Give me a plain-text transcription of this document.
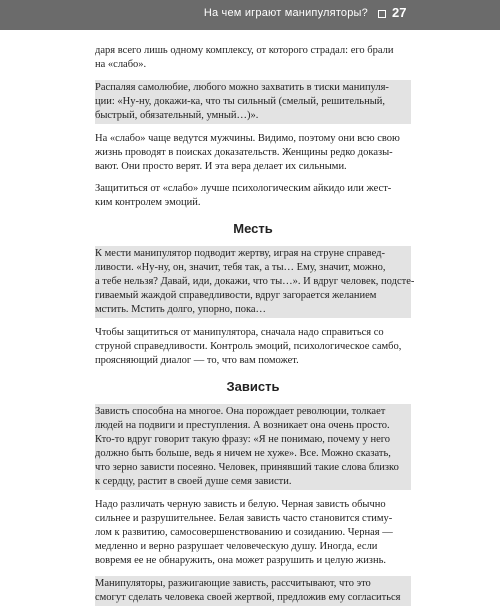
На чем играют манипуляторы? 27
даря всего лишь одному комплексу, от которого страдал: его брали
на «слабо».
Распаляя самолюбие, любого можно захватить в тиски манипуля-
ции: «Ну-ну, докажи-ка, что ты сильный (смелый, решительный,
быстрый, обязательный, умный…)».
На «слабо» чаще ведутся мужчины. Видимо, поэтому они всю свою
жизнь проводят в поисках доказательств. Женщины редко доказы-
вают. Они просто верят. И эта вера делает их сильными.
Защититься от «слабо» лучше психологическим айкидо или жест-
ким контролем эмоций.
Месть
К мести манипулятор подводит жертву, играя на струне справед-
ливости. «Ну-ну, он, значит, тебя так, а ты… Ему, значит, можно,
а тебе нельзя? Давай, иди, докажи, что ты…». И вдруг человек, подсте-
гиваемый жаждой справедливости, вдруг загорается желанием
мстить. Мстить долго, упорно, пока…
Чтобы защититься от манипулятора, сначала надо справиться со
струной справедливости. Контроль эмоций, психологическое самбо,
проясняющий диалог — то, что вам поможет.
Зависть
Зависть способна на многое. Она порождает революции, толкает
людей на подвиги и преступления. А возникает она очень просто.
Кто-то вдруг говорит такую фразу: «Я не понимаю, почему у него
должно быть больше, ведь я ничем не хуже». Все. Можно сказать,
что зерно зависти посеяно. Человек, принявший такие слова близко
к сердцу, растит в своей душе семя зависти.
Надо различать черную зависть и белую. Черная зависть обычно
сильнее и разрушительнее. Белая зависть часто становится стиму-
лом к развитию, самосовершенствованию и созиданию. Черная —
медленно и верно разрушает человеческую душу. Иногда, если
вовремя ее не обнаружить, она может разрушить и целую жизнь.
Манипуляторы, разжигающие зависть, рассчитывают, что это
смогут сделать человека своей жертвой, предложив ему согласиться
